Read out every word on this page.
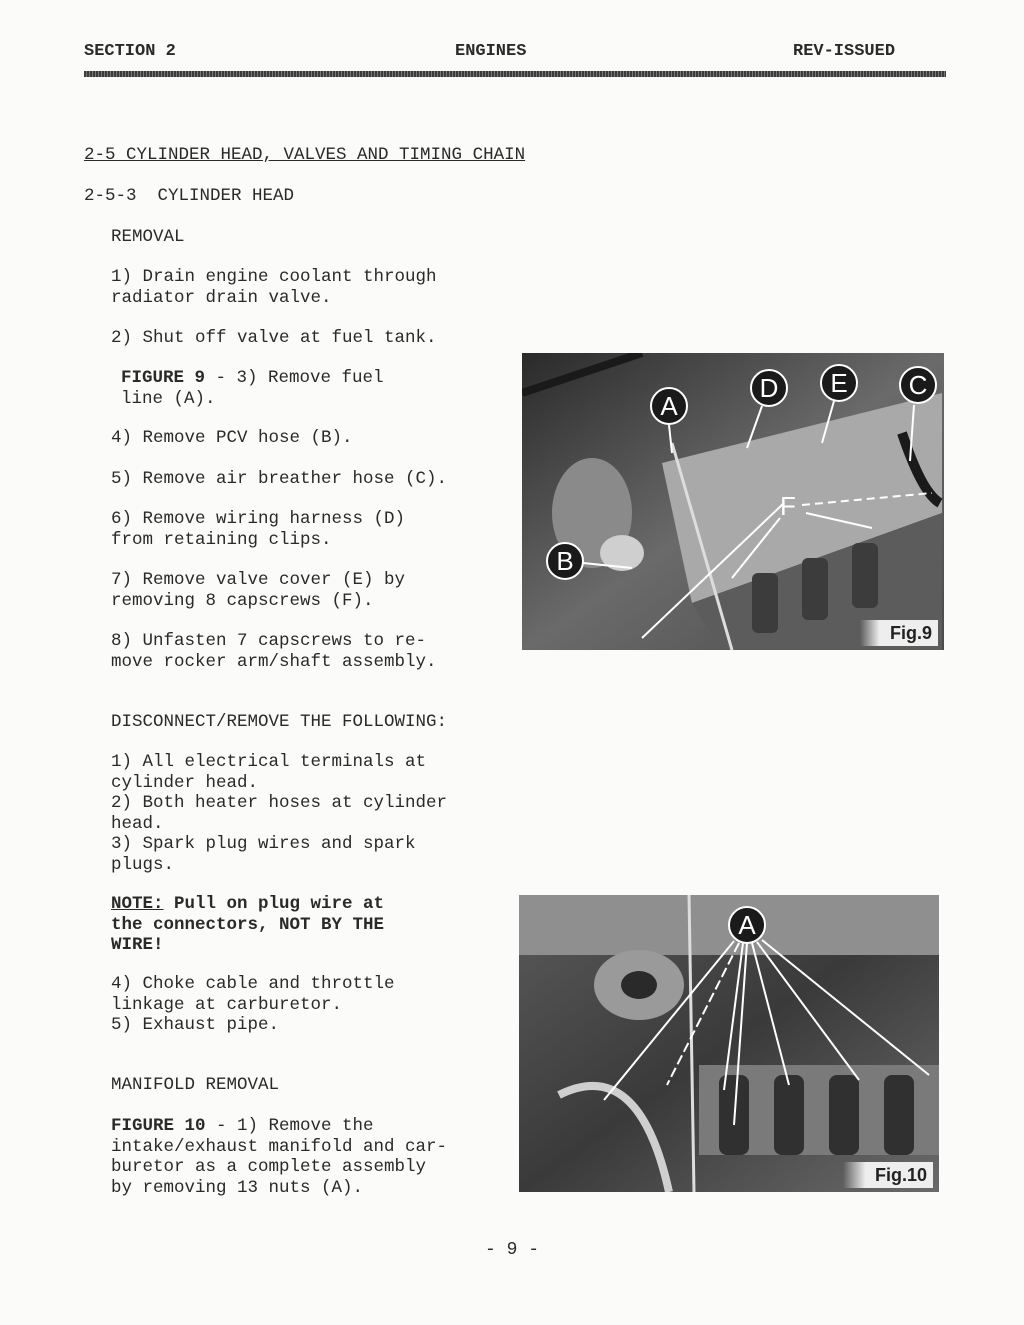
SECTION 2	ENGINES	REV-ISSUED
2-5 CYLINDER HEAD, VALVES AND TIMING CHAIN
2-5-3  CYLINDER HEAD
REMOVAL
1) Drain engine coolant through
radiator drain valve.
2) Shut off valve at fuel tank.
FIGURE 9 - 3) Remove fuel
line (A).
4) Remove PCV hose (B).
5) Remove air breather hose (C).
6) Remove wiring harness (D)
from retaining clips.
7) Remove valve cover (E) by
removing 8 capscrews (F).
8) Unfasten 7 capscrews to re-
move rocker arm/shaft assembly.
DISCONNECT/REMOVE THE FOLLOWING:
1) All electrical terminals at
cylinder head.
2) Both heater hoses at cylinder
head.
3) Spark plug wires and spark
plugs.
NOTE: Pull on plug wire at
the connectors, NOT BY THE
WIRE!
4) Choke cable and throttle
linkage at carburetor.
5) Exhaust pipe.
MANIFOLD REMOVAL
FIGURE 10 - 1) Remove the
intake/exhaust manifold and car-
buretor as a complete assembly
by removing 13 nuts (A).
A
D E C
F
B
Fig.9
A
Fig.10
- 9 -
